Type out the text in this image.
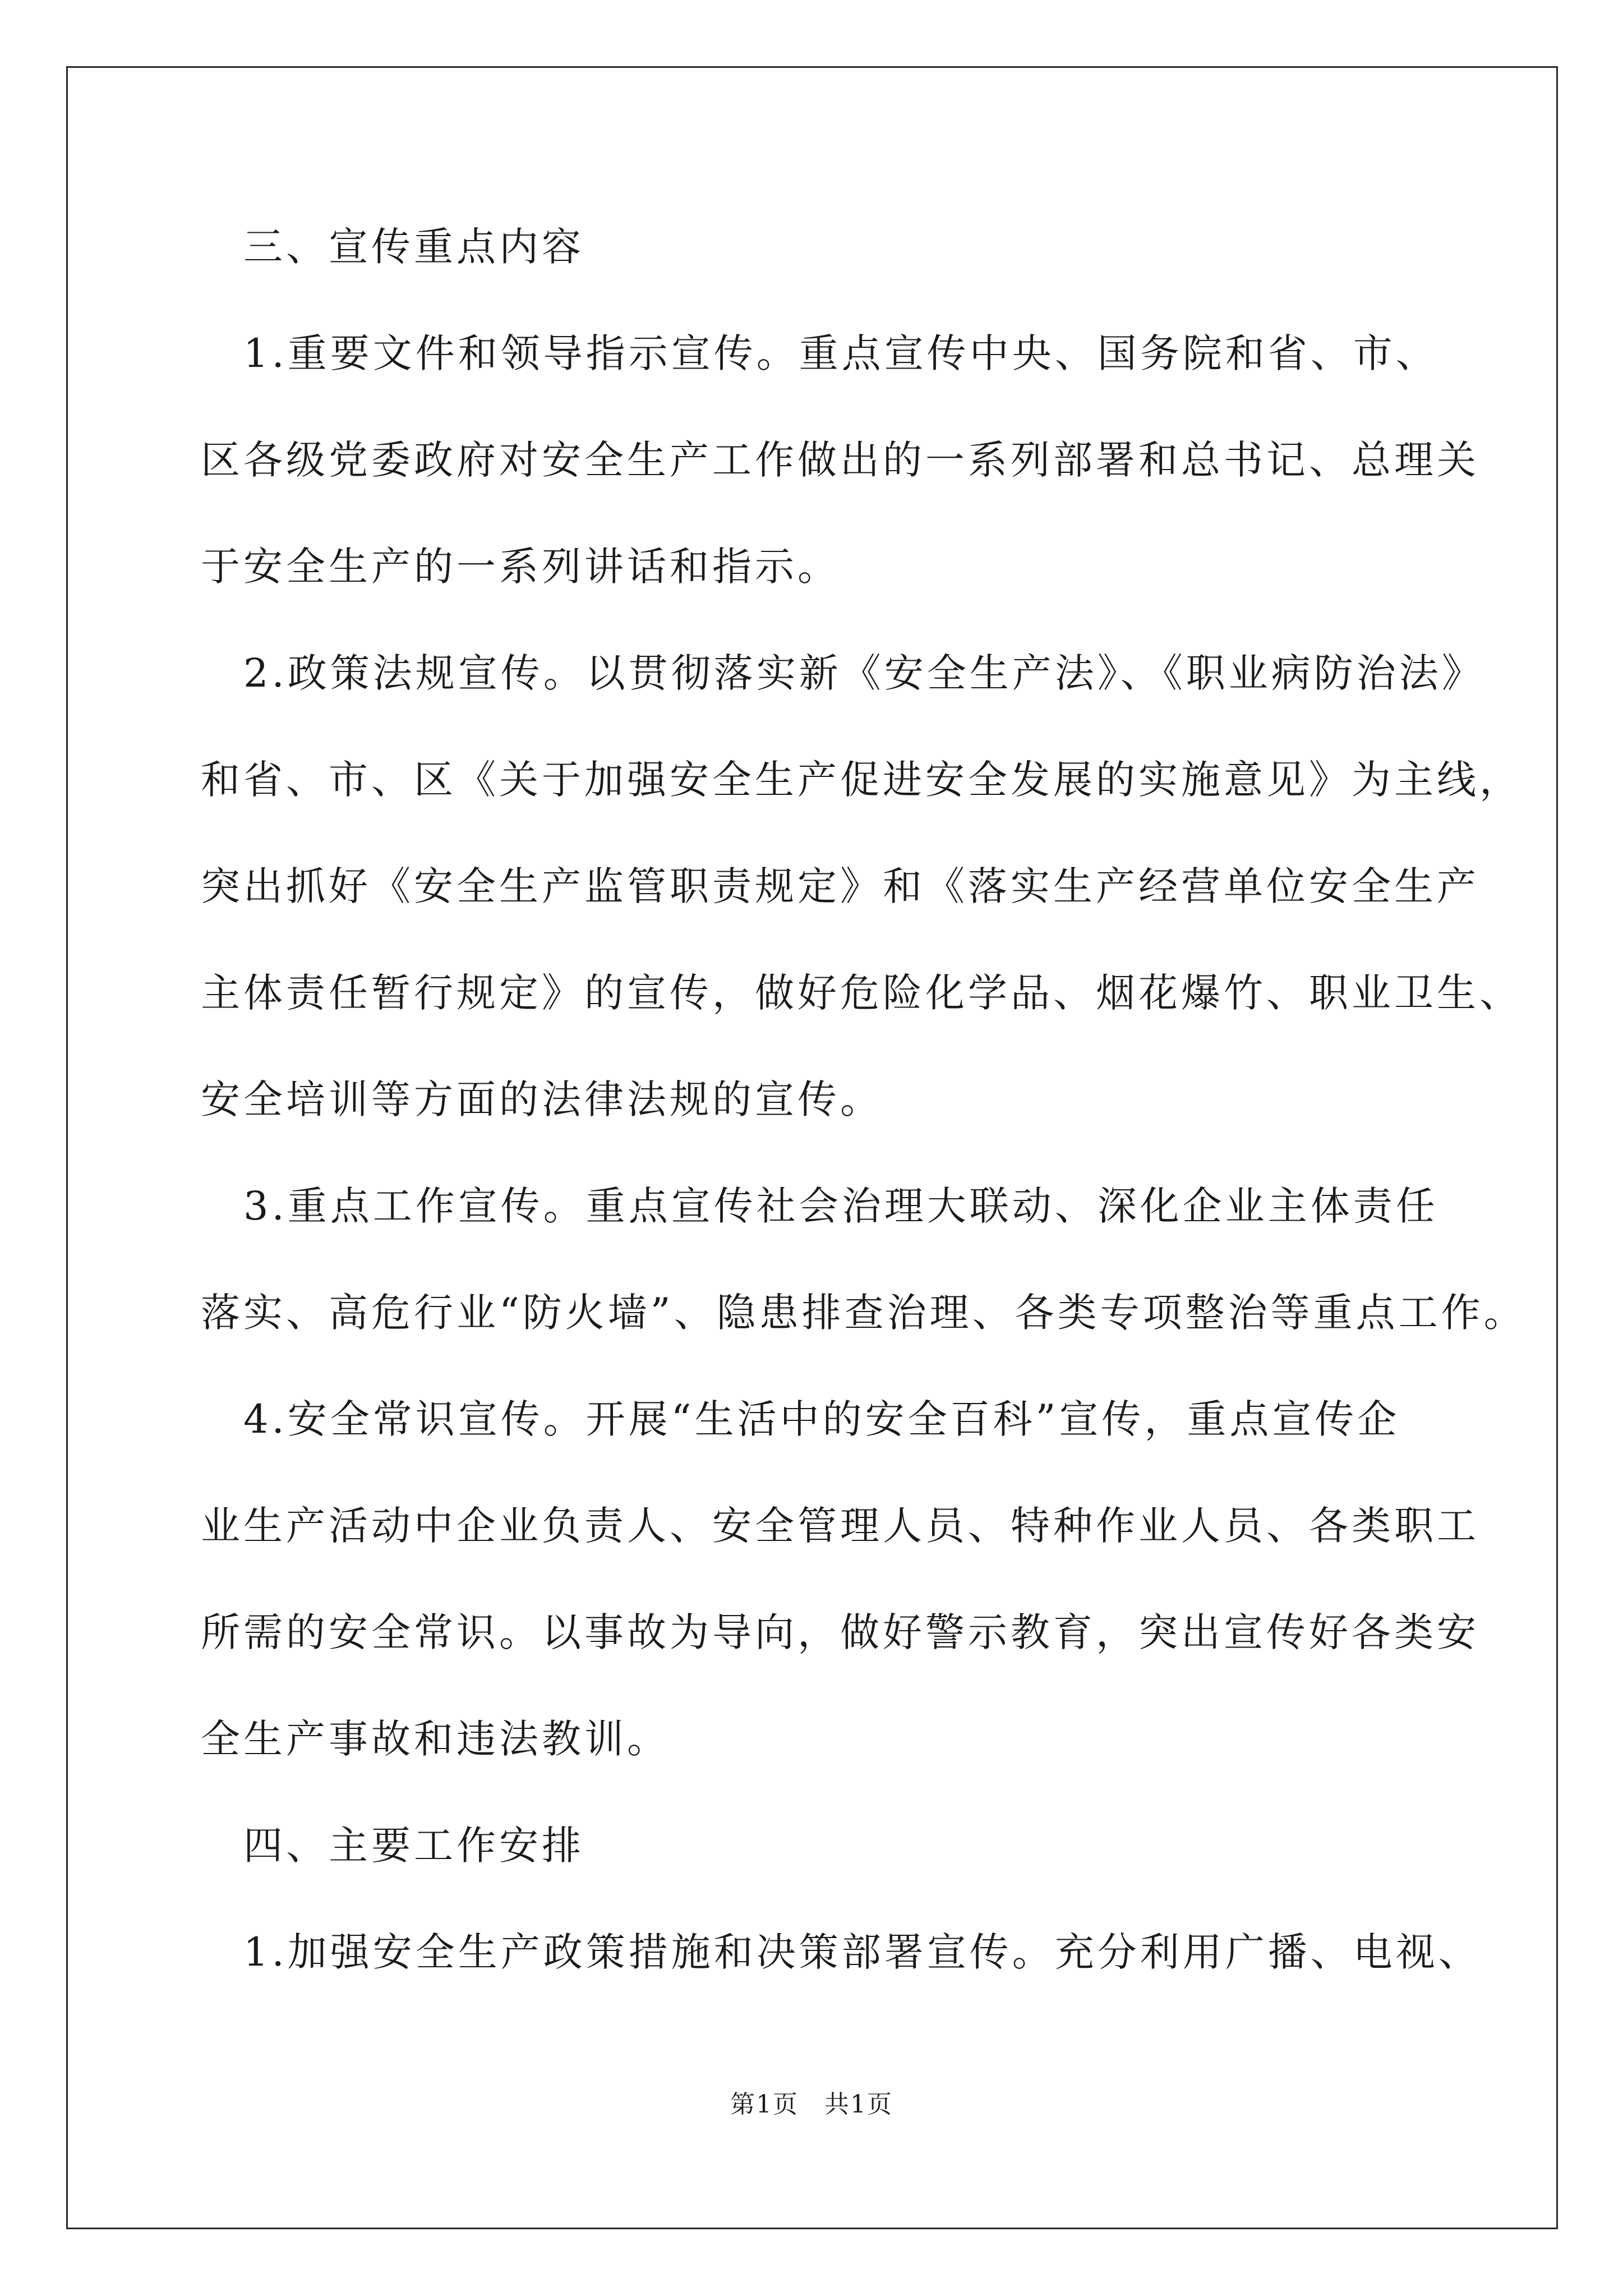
　三、宣传重点内容
　1.重要文件和领导指示宣传。重点宣传中央、国务院和省、市、
区各级党委政府对安全生产工作做出的一系列部署和总书记、总理关
于安全生产的一系列讲话和指示。
　2.政策法规宣传。以贯彻落实新《安全生产法》、《职业病防治法》
和省、市、区《关于加强安全生产促进安全发展的实施意见》为主线，
突出抓好《安全生产监管职责规定》和《落实生产经营单位安全生产
主体责任暂行规定》的宣传，做好危险化学品、烟花爆竹、职业卫生、
安全培训等方面的法律法规的宣传。
　3.重点工作宣传。重点宣传社会治理大联动、深化企业主体责任
落实、高危行业“防火墙”、隐患排查治理、各类专项整治等重点工作。
　4.安全常识宣传。开展“生活中的安全百科”宣传，重点宣传企
业生产活动中企业负责人、安全管理人员、特种作业人员、各类职工
所需的安全常识。以事故为导向，做好警示教育，突出宣传好各类安
全生产事故和违法教训。
　四、主要工作安排
　1.加强安全生产政策措施和决策部署宣传。充分利用广播、电视、
第1页　共1页
